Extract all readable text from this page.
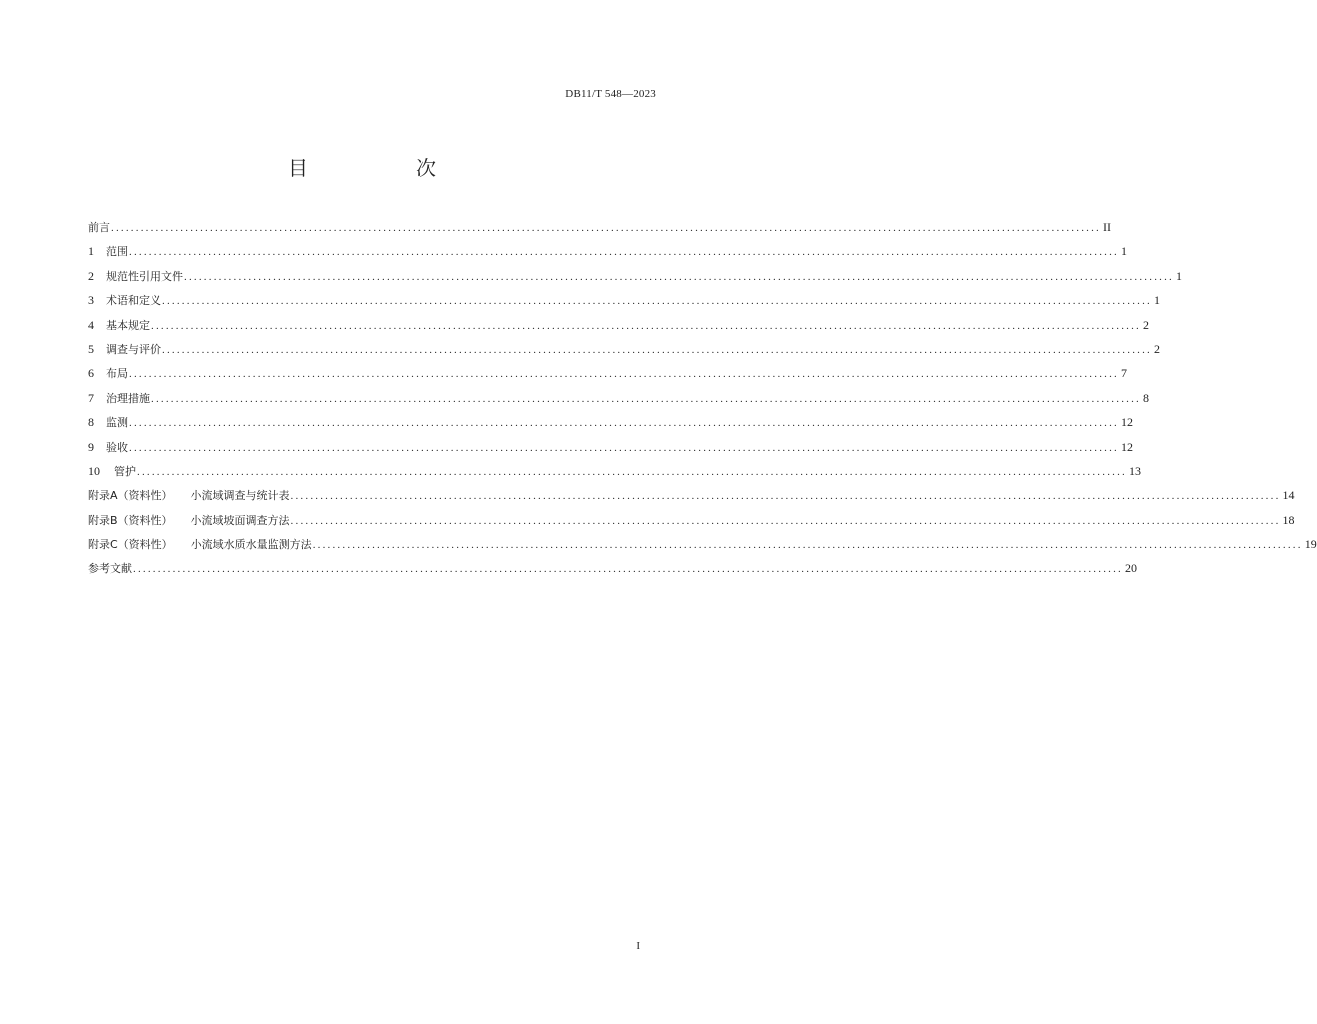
DB11/T 548—2023
目　次
前言 ........................................................................................................................................................................................................ II
1 范围 ........................................................................................................................................................................................................ 1
2 规范性引用文件 ........................................................................................................................................................................................................ 1
3 术语和定义 ........................................................................................................................................................................................................ 1
4 基本规定 ........................................................................................................................................................................................................ 2
5 调查与评价 ........................................................................................................................................................................................................ 2
6 布局 ........................................................................................................................................................................................................ 7
7 治理措施 ........................................................................................................................................................................................................ 8
8 监测 ........................................................................................................................................................................................................ 12
9 验收 ........................................................................................................................................................................................................ 12
10 管护 ........................................................................................................................................................................................................ 13
附录A（资料性） 小流域调查与统计表 ........................................................................................................................................................................................................ 14
附录B（资料性） 小流域坡面调查方法 ........................................................................................................................................................................................................ 18
附录C（资料性） 小流域水质水量监测方法 ........................................................................................................................................................................................................ 19
参考文献 ........................................................................................................................................................................................................ 20
I
